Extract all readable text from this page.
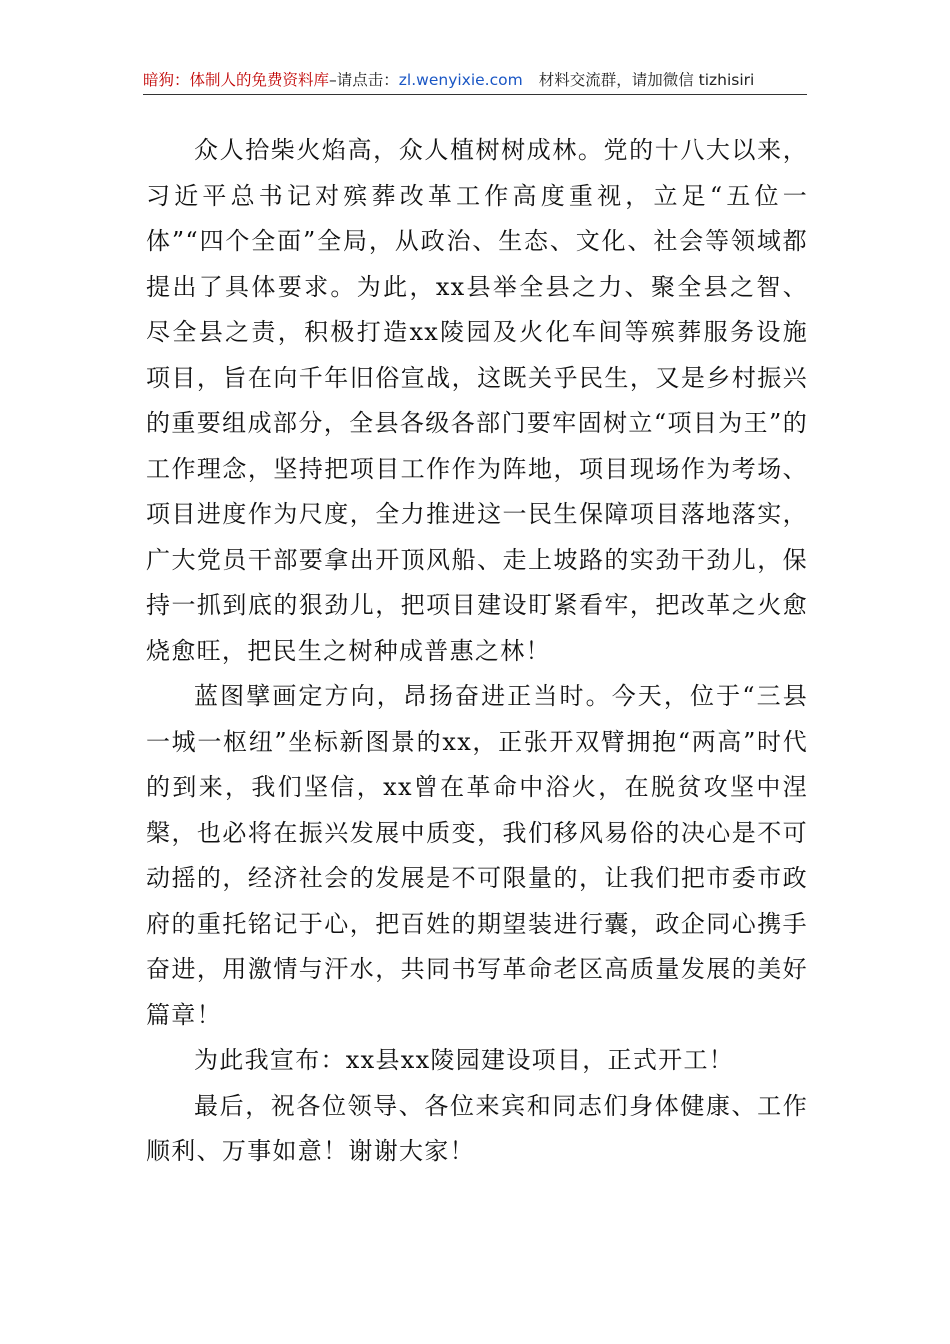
暗狗：体制人的免费资料库–请点击：zl.wenyixie.com 材料交流群，请加微信 tizhisiri

众人拾柴火焰高，众人植树树成林。党的十八大以来，习近平总书记对殡葬改革工作高度重视，立足“五位一体”“四个全面”全局，从政治、生态、文化、社会等领域都提出了具体要求。为此，xx县举全县之力、聚全县之智、尽全县之责，积极打造xx陵园及火化车间等殡葬服务设施项目，旨在向千年旧俗宣战，这既关乎民生，又是乡村振兴的重要组成部分，全县各级各部门要牢固树立“项目为王”的工作理念，坚持把项目工作作为阵地，项目现场作为考场、项目进度作为尺度，全力推进这一民生保障项目落地落实，广大党员干部要拿出开顶风船、走上坡路的实劲干劲儿，保持一抓到底的狠劲儿，把项目建设盯紧看牢，把改革之火愈烧愈旺，把民生之树种成普惠之林！

蓝图擘画定方向，昂扬奋进正当时。今天，位于“三县一城一枢纽”坐标新图景的xx，正张开双臂拥抱“两高”时代的到来，我们坚信，xx曾在革命中浴火，在脱贫攻坚中涅槃，也必将在振兴发展中质变，我们移风易俗的决心是不可动摇的，经济社会的发展是不可限量的，让我们把市委市政府的重托铭记于心，把百姓的期望装进行囊，政企同心携手奋进，用激情与汗水，共同书写革命老区高质量发展的美好篇章！

为此我宣布：xx县xx陵园建设项目，正式开工！

最后，祝各位领导、各位来宾和同志们身体健康、工作顺利、万事如意！谢谢大家！
